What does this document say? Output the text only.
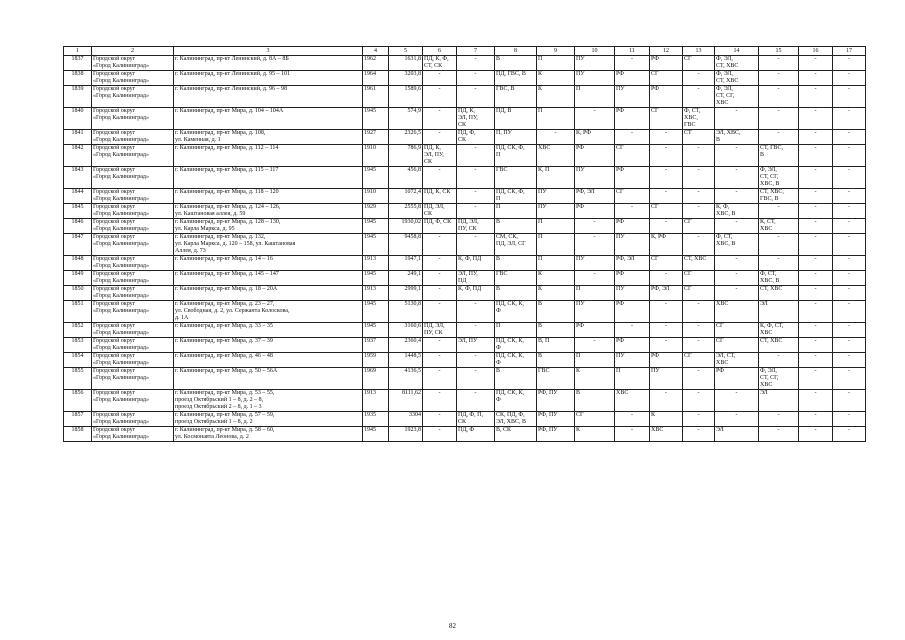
1	2	3	4	5	6	7	8	9	10	11	12	13	14	15	16	17
1837	Городской округ
«Город Калининград»	г. Калининград, пр-кт Ленинский, д. 8А – 8Б	1962	1631,8	ПД, К, Ф,
СТ, СК	-	В	П	ПУ	-	РФ	СГ	Ф, ЭЛ,
СТ, ХВС	-	-	-
1838	Городской округ
«Город Калининград»	г. Калининград, пр-кт Ленинский, д. 95 – 101	1964	3203,8	-	-	ПД, ГВС, В	К	ПУ	РФ	СГ	-	Ф, ЭЛ,
СТ, ХВС	-	-	-
1839	Городской округ
«Город Калининград»	г. Калининград, пр-кт Ленинский, д. 96 – 98	1961	1589,6	-	-	ГВС, В	К	П	ПУ	РФ	-	Ф, ЭЛ,
СТ, СГ,
ХВС	-	-	-
1840	Городской округ
«Город Калининград»	г. Калининград, пр-кт Мира, д. 104 – 104А	1945	574,9	-	ПД, К,
ЭЛ, ПУ,
СК	ПД, В	П	-	РФ	СГ	Ф, СТ,
ХВС,
ГВС	-	-	-	-
1841	Городской округ
«Город Калининград»	г. Калининград, пр-кт Мира, д. 108,
ул. Каменная, д. 1	1927	2326,5	-	ПД, Ф,
СК	П, ПУ	-	К, РФ	-	-	СТ	ЭЛ, ХВС,
В	-	-	-
1842	Городской округ
«Город Калининград»	г. Калининград, пр-кт Мира, д. 112 – 114	1910	786,9	ПД, К,
ЭЛ, ПУ,
СК	-	ПД, СК, Ф,
П	ХВС	РФ	СГ	-	-	-	СТ, ГВС,
В	-	-
1843	Городской округ
«Город Калининград»	г. Калининград, пр-кт Мира, д. 115 – 117	1945	456,8	-	-	ГВС	К, П	ПУ	РФ	-	-	-	Ф, ЭЛ,
СТ, СГ,
ХВС, В	-	-
1844	Городской округ
«Город Калининград»	г. Калининград, пр-кт Мира, д. 118 – 120	1910	1072,4	ПД, К, СК	-	ПД, СК, Ф,
П	ПУ	РФ, ЭЛ	СГ	-	-	-	СТ, ХВС,
ГВС, В	-	-
1845	Городской округ
«Город Калининград»	г. Калининград, пр-кт Мира, д. 124 – 126,
ул. Каштановая аллея, д. 59	1929	2555,8	ПД, ЭЛ,
СК	-	П	ПУ	РФ	-	СГ	-	К, Ф,
ХВС, В	-	-	-
1846	Городской округ
«Город Калининград»	г. Калининград, пр-кт Мира, д. 128 – 130,
ул. Карла Маркса, д. 95	1945	1930,02	ПД, Ф, СК	ПД, ЭЛ,
ПУ, СК	В	П	-	РФ	-	СГ	-	К, СТ,
ХВС	-	-
1847	Городской округ
«Город Калининград»	г. Калининград, пр-кт Мира, д. 132,
ул. Карла Маркса, д. 120 – 158, ул. Каштановая
Аллея, д. 73	1945	9458,8	-	-	СМ, СК,
ПД, ЭЛ, СГ	П	-	ПУ	К, РФ	-	Ф, СТ,
ХВС, В	-	-	-
1848	Городской округ
«Город Калининград»	г. Калининград, пр-кт Мира, д. 14 – 16	1913	1947,1	-	К, Ф, ПД	В	П	ПУ	РФ, ЭЛ	СГ	СТ, ХВС	-	-	-	-
1849	Городской округ
«Город Калининград»	г. Калининград, пр-кт Мира, д. 145 – 147	1945	249,1	-	ЭЛ, ПУ,
ПД	ГВС	К	-	РФ	-	СГ	-	Ф, СТ,
ХВС, В	-	-
1850	Городской округ
«Город Калининград»	г. Калининград, пр-кт Мира, д. 18 – 20А	1913	2999,1	-	К, Ф, ПД	В	К	П	ПУ	РФ, ЭЛ	СГ	-	СТ, ХВС	-	-
1851	Городской округ
«Город Калининград»	г. Калининград, пр-кт Мира, д. 23 – 27,
ул. Свободная, д. 2, ул. Сержанта Колоскова,
д. 1А	1945	5130,8	-	-	ПД, СК, К,
Ф	В	ПУ	РФ	-	-	ХВС	ЭЛ	-	-
1852	Городской округ
«Город Калининград»	г. Калининград, пр-кт Мира, д. 33 – 35	1945	3160,6	ПД, ЭЛ,
ПУ, СК	-	П	В	РФ	-	-	-	СГ	К, Ф, СТ,
ХВС	-	-
1853	Городской округ
«Город Калининград»	г. Калининград, пр-кт Мира, д. 37 – 39	1937	2360,4	-	ЭЛ, ПУ	ПД, СК, К,
Ф	В, П	-	РФ	-	-	СГ	СТ, ХВС	-	-
1854	Городской округ
«Город Калининград»	г. Калининград, пр-кт Мира, д. 46 – 48	1959	1448,5	-	-	ПД, СК, К,
Ф	В	П	ПУ	РФ	СГ	ЭЛ, СТ,
ХВС	-	-	-
1855	Городской округ
«Город Калининград»	г. Калининград, пр-кт Мира, д. 50 – 56А	1969	4136,5	-	-	В	ГВС	К	П	ПУ	-	РФ	Ф, ЭЛ,
СТ, СГ,
ХВС	-	-
1856	Городской округ
«Город Калининград»	г. Калининград, пр-кт Мира, д. 53 – 55,
проезд Октябрьский 1 – 8, д. 2 – 8,
проезд Октябрьский 2 – 8, д. 1 – 3	1913	8111,62	-	-	ПД, СК, К,
Ф	РФ, ПУ	В	ХВС	-	-	-	ЭЛ	-	-
1857	Городской округ
«Город Калининград»	г. Калининград, пр-кт Мира, д. 57 – 59,
проезд Октябрьский 1 – 8, д. 2	1935	3304	-	ПД, Ф, П,
СК	СК, ПД, Ф,
ЭЛ, ХВС, В	РФ, ПУ	СГ	-	К	-	-	-	-	-
1858	Городской округ
«Город Калининград»	г. Калининград, пр-кт Мира, д. 58 – 60,
ул. Космонавта Леонова, д. 2	1945	1923,8	-	ПД, Ф	В, СК	РФ, ПУ	К	-	ХВС	-	ЭЛ	-	-	-
82
